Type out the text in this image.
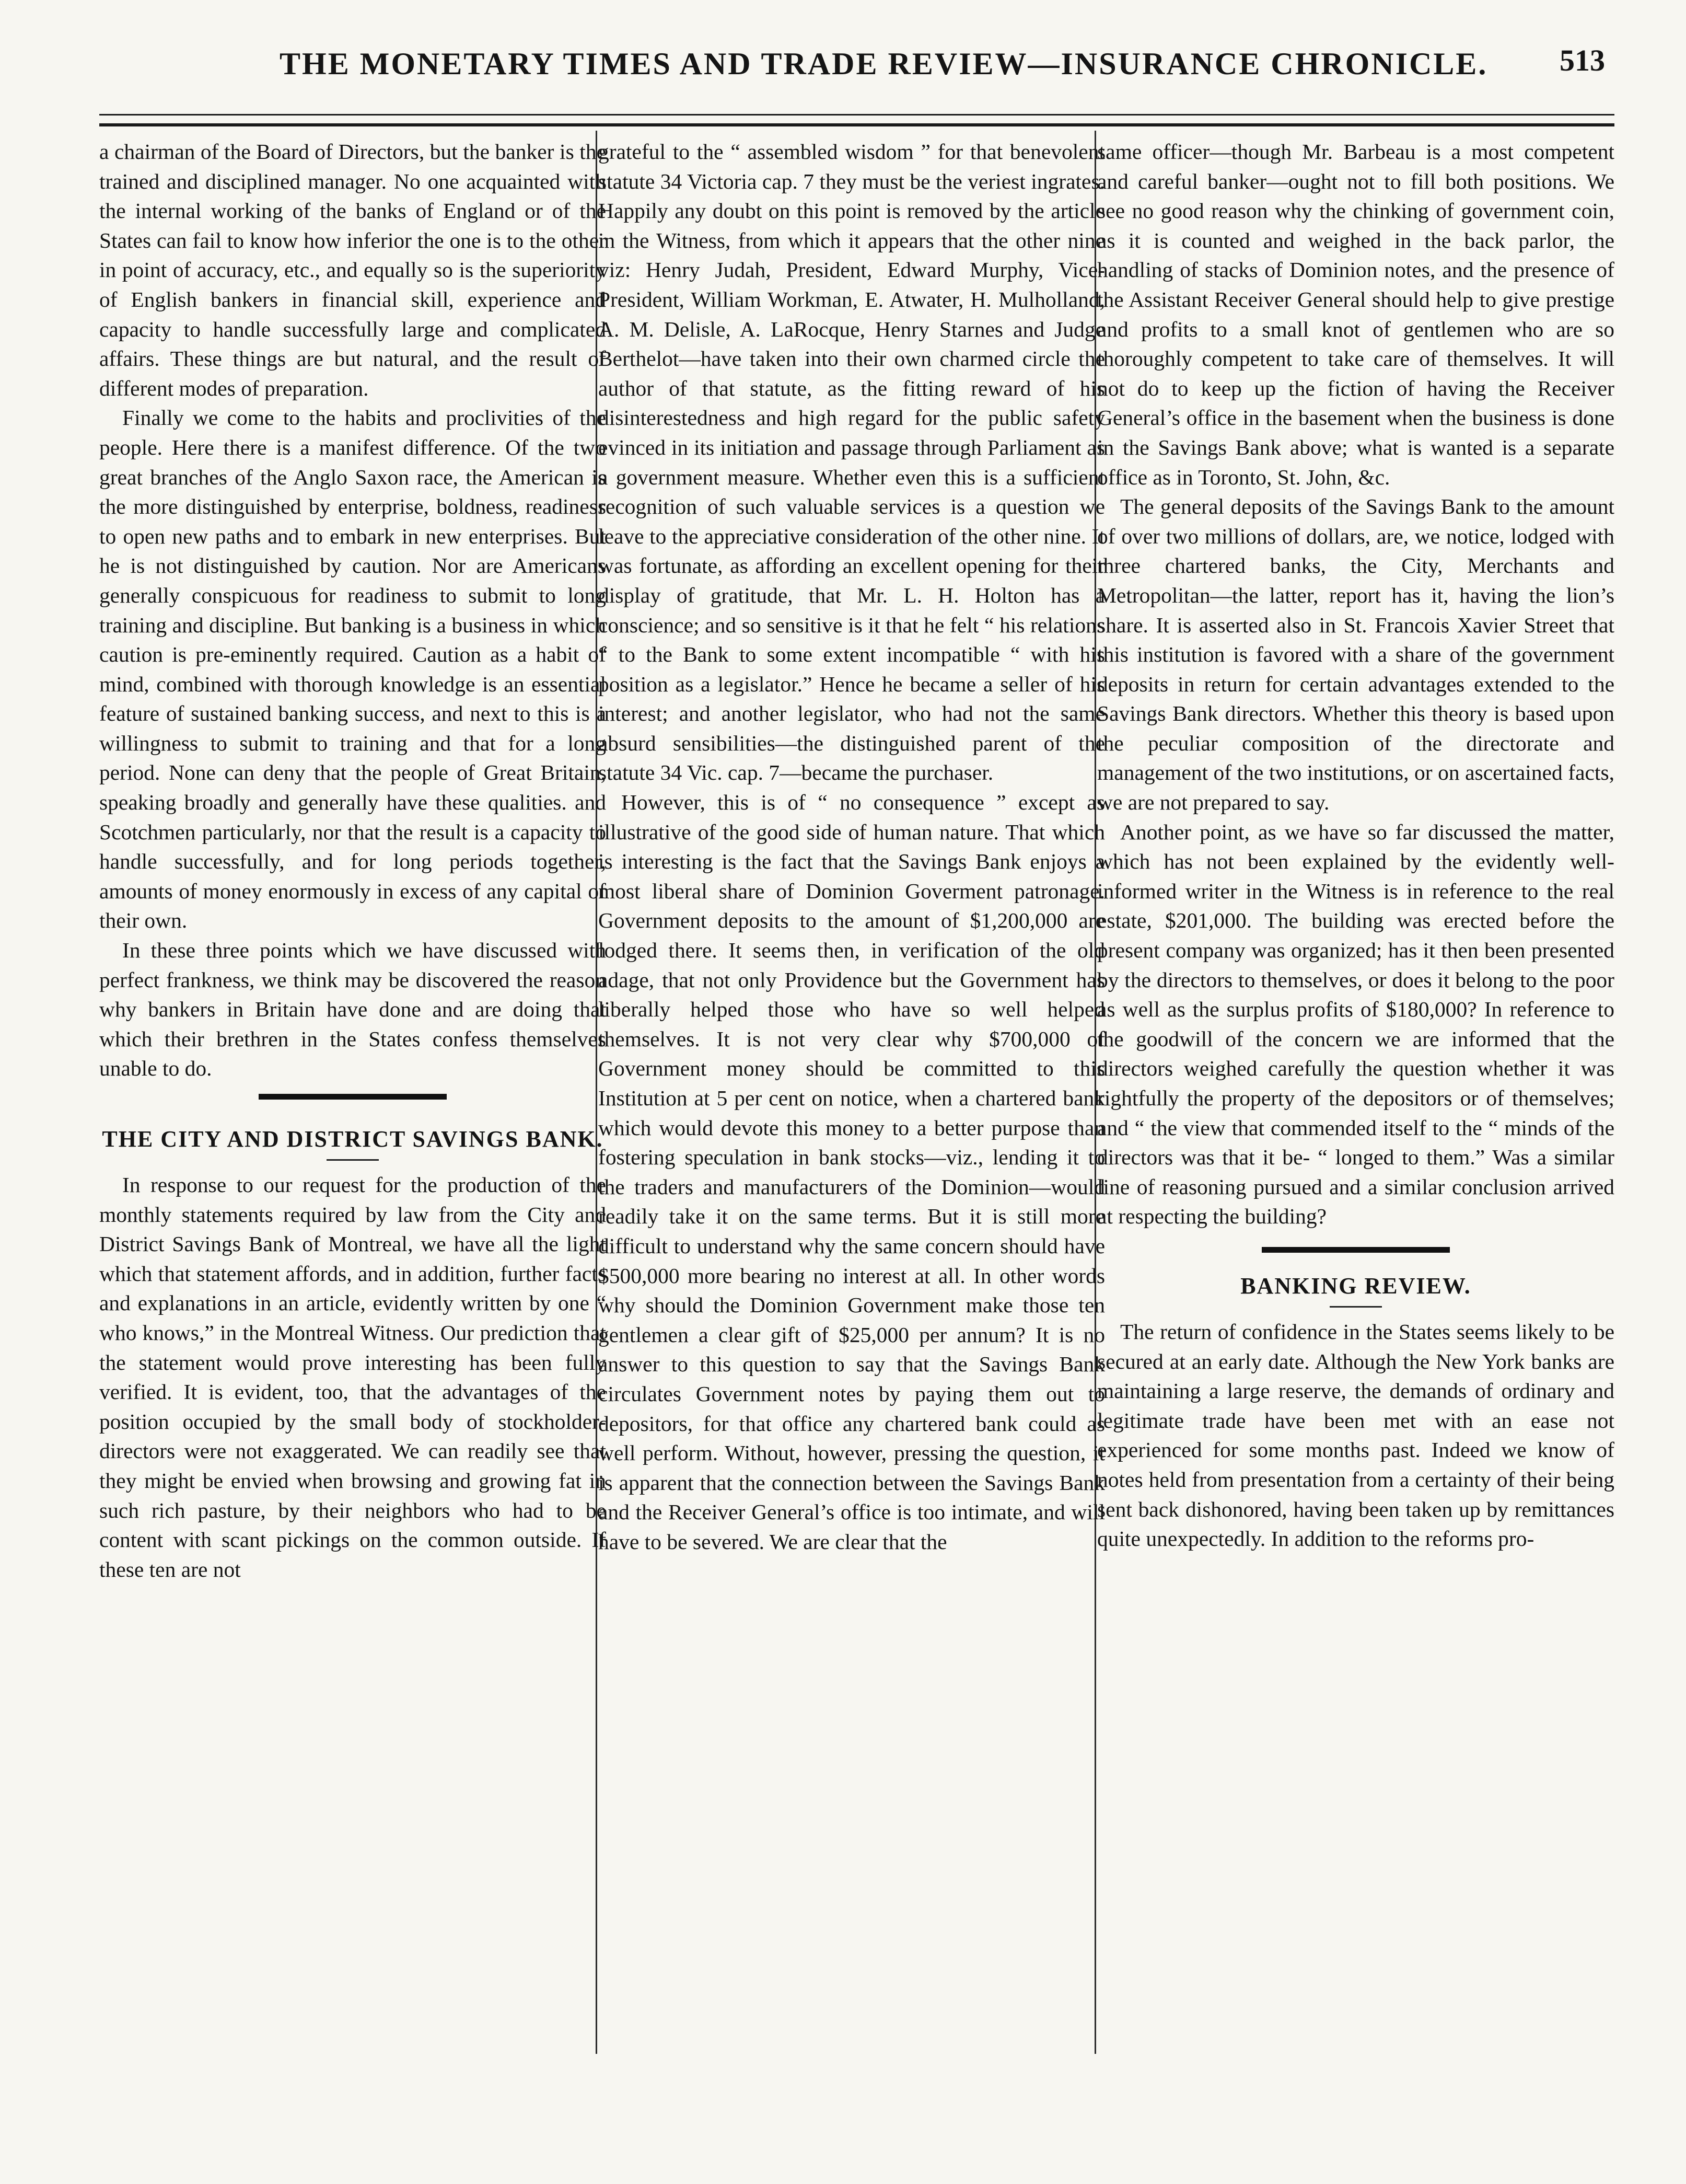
THE MONETARY TIMES AND TRADE REVIEW—INSURANCE CHRONICLE. 513

a chairman of the Board of Directors, but the banker is the trained and disciplined manager. No one acquainted with the internal working of the banks of England or of the States can fail to know how inferior the one is to the other in point of accuracy, etc., and equally so is the superiority of English bankers in financial skill, experience and capacity to handle successfully large and complicated affairs. These things are but natural, and the result of different modes of preparation.

Finally we come to the habits and proclivities of the people. Here there is a manifest difference. Of the two great branches of the Anglo Saxon race, the American is the more distinguished by enterprise, boldness, readiness to open new paths and to embark in new enterprises. But he is not distinguished by caution. Nor are Americans generally conspicuous for readiness to submit to long training and discipline. But banking is a business in which caution is pre-eminently required. Caution as a habit of mind, combined with thorough knowledge is an essential feature of sustained banking success, and next to this is a willingness to submit to training and that for a long period. None can deny that the people of Great Britain, speaking broadly and generally have these qualities. and Scotchmen particularly, nor that the result is a capacity to handle successfully, and for long periods together, amounts of money enormously in excess of any capital of their own.

In these three points which we have discussed with perfect frankness, we think may be discovered the reason why bankers in Britain have done and are doing that which their brethren in the States confess themselves unable to do.

THE CITY AND DISTRICT SAVINGS BANK.

In response to our request for the production of the monthly statements required by law from the City and District Savings Bank of Montreal, we have all the light which that statement affords, and in addition, further facts and explanations in an article, evidently written by one “ who knows,” in the Montreal Witness. Our prediction that the statement would prove interesting has been fully verified. It is evident, too, that the advantages of the position occupied by the small body of stockholder-directors were not exaggerated. We can readily see that they might be envied when browsing and growing fat in such rich pasture, by their neighbors who had to be content with scant pickings on the common outside. If these ten are not

grateful to the “ assembled wisdom ” for that benevolent statute 34 Victoria cap. 7 they must be the veriest ingrates. Happily any doubt on this point is removed by the article in the Witness, from which it appears that the other nine viz: Henry Judah, President, Edward Murphy, Vice-President, William Workman, E. Atwater, H. Mulholland, A. M. Delisle, A. LaRocque, Henry Starnes and Judge Berthelot—have taken into their own charmed circle the author of that statute, as the fitting reward of his disinterestedness and high regard for the public safety evinced in its initiation and passage through Parliament as a government measure. Whether even this is a sufficient recognition of such valuable services is a question we leave to the appreciative consideration of the other nine. It was fortunate, as affording an excellent opening for their display of gratitude, that Mr. L. H. Holton has a conscience; and so sensitive is it that he felt “ his relations “ to the Bank to some extent incompatible “ with his position as a legislator.” Hence he became a seller of his interest; and another legislator, who had not the same absurd sensibilities—the distinguished parent of the statute 34 Vic. cap. 7—became the purchaser.

However, this is of “ no consequence ” except as illustrative of the good side of human nature. That which is interesting is the fact that the Savings Bank enjoys a most liberal share of Dominion Goverment patronage. Government deposits to the amount of $1,200,000 are lodged there. It seems then, in verification of the old adage, that not only Providence but the Government has liberally helped those who have so well helped themselves. It is not very clear why $700,000 of Government money should be committed to this Institution at 5 per cent on notice, when a chartered bank which would devote this money to a better purpose than fostering speculation in bank stocks—viz., lending it to the traders and manufacturers of the Dominion—would readily take it on the same terms. But it is still more difficult to understand why the same concern should have $500,000 more bearing no interest at all. In other words why should the Dominion Government make those ten gentlemen a clear gift of $25,000 per annum? It is no answer to this question to say that the Savings Bank circulates Government notes by paying them out to depositors, for that office any chartered bank could as well perform. Without, however, pressing the question, it is apparent that the connection between the Savings Bank and the Receiver General’s office is too intimate, and will have to be severed. We are clear that the

same officer—though Mr. Barbeau is a most competent and careful banker—ought not to fill both positions. We see no good reason why the chinking of government coin, as it is counted and weighed in the back parlor, the handling of stacks of Dominion notes, and the presence of the Assistant Receiver General should help to give prestige and profits to a small knot of gentlemen who are so thoroughly competent to take care of themselves. It will not do to keep up the fiction of having the Receiver General’s office in the basement when the business is done in the Savings Bank above; what is wanted is a separate office as in Toronto, St. John, &c.

The general deposits of the Savings Bank to the amount of over two millions of dollars, are, we notice, lodged with three chartered banks, the City, Merchants and Metropolitan—the latter, report has it, having the lion’s share. It is asserted also in St. Francois Xavier Street that this institution is favored with a share of the government deposits in return for certain advantages extended to the Savings Bank directors. Whether this theory is based upon the peculiar composition of the directorate and management of the two institutions, or on ascertained facts, we are not prepared to say.

Another point, as we have so far discussed the matter, which has not been explained by the evidently well-informed writer in the Witness is in reference to the real estate, $201,000. The building was erected before the present company was organized; has it then been presented by the directors to themselves, or does it belong to the poor as well as the surplus profits of $180,000? In reference to the goodwill of the concern we are informed that the directors weighed carefully the question whether it was rightfully the property of the depositors or of themselves; and “ the view that commended itself to the “ minds of the directors was that it be- “ longed to them.” Was a similar line of reasoning pursued and a similar conclusion arrived at respecting the building?

BANKING REVIEW.

The return of confidence in the States seems likely to be secured at an early date. Although the New York banks are maintaining a large reserve, the demands of ordinary and legitimate trade have been met with an ease not experienced for some months past. Indeed we know of notes held from presentation from a certainty of their being sent back dishonored, having been taken up by remittances quite unexpectedly. In addition to the reforms pro-
